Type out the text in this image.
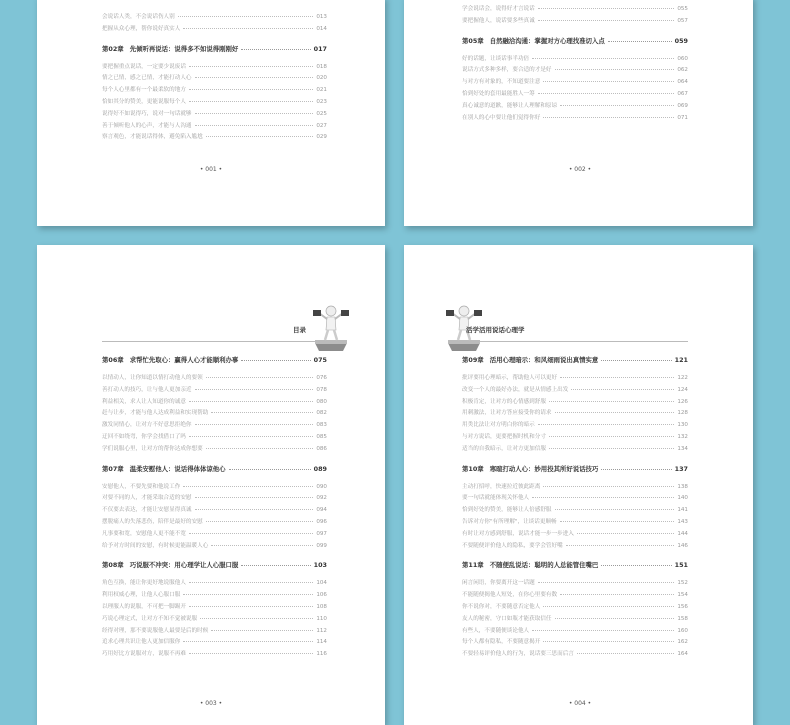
会说话人类，不会说话伤人别	013
把握从众心理，帮你说好真实人	014
第02章 先倾听再说话：说得多不如说得刚刚好	017
要把握重点说话，一定要少说废话	018
情之已情，感之已情，才能打动人心	020
每个人心里都有一个最柔软的地方	021
恰如其分的赞美，更能说服每个人	023
说得好不如说得巧，说对一句话就够	025
善于倾听他人的心声，才能与人沟通	027
察言观色，才能说话得体，避免陷入尴尬	029
• 001 •
学会说话会，说得好才言说话	055
要把握他人，说话要多些真诚	057
第05章 自然融洽沟通：掌握对方心理找准切入点	059
好的话题，让谈话事半功倍	060
说话方式多种多样，要合适的才是好	062
与对方有对象的，不知道要注意	064
恰到好处的套用最能胜人一筹	067
真心诚意的道歉，能够让人理解和原谅	069
在别人的心中要让他们觉得你好	071
• 002 •
目录
第06章 求帮忙先取心：赢得人心才能顺利办事	075
以情动人，让你知道以情打动他人的要领	076
善打动人的技巧，让与他人更加亲近	078
利益相关，求人让人知道你的诚意	080
赶与让步，才能与他人达成利益和实现帮助	082
激发同情心，让对方不好意思拒绝你	083
迂回不如绕弯，你学会找借口了吗	085
学们说服心里，让对方的帮你达成你想要	086
第07章 温柔安慰他人：说话得体体谅他心	089
安慰他人，不要先要和他说工作	090
对要不同的人，才能采取合适的安慰	092
不仅要去表达，才能让安慰显得真诚	094
摆脱痛人的失落悲伤，陪伴是最好的安慰	096
凡事要和宽，安慰他人更不能不宽	097
给予对方时间的安慰，有时候更能温暖人心	099
第08章 巧说服不冲突：用心理学让人心服口服	103
角色互换，能让你更好地说服他人	104
利用权威心理，让他人心服口服	106
以理服人的说服，不可把一脚踢开	108
巧说心理定式，让对方不知不觉被说服	110
经得对理，那不要说服他人最要是后的时候	112
追求心理共识让他人更加信服你	114
巧用好比方说服对方，说服不再难	116
• 003 •
活学活用说话心理学
第09章 活用心理暗示：和风细雨说出真情实意	121
批评要用心理暗示，帮助他人可以更好	122
改变一个人的最好办法，就是从情感上出发	124
积极肯定，让对方的心情感到舒服	126
用刺激法，让对方答应接受你的请求	128
用类比法让对方明白你的暗示	130
与对方说话，更要把握时机和分寸	132
适当的自我暗示，让对方更加信服	134
第10章 寒暄打动人心：妙用投其所好说话技巧	137
主动打招呼，快速拉近彼此距离	138
要一句话就能体现关怀他人	140
恰到好处的赞美，能够让人倍感舒服	141
告诉对方你"有所理解"，让谈话更顺畅	143
有时让对方感到舒服，说话才能一步一步进入	144
不要随便评价他人的隐私，要学会管好嘴	146
第11章 不随便乱说话：聪明的人总能管住嘴巴	151
闲言闲语，你要离开这一话题	152
不能随便揭他人短处，在你心里要有数	154
你不说你对，不要随意否定他人	156
友人的秘密，守口如瓶才能获取信任	158
有些人，不要随便谈论他人	160
每个人都有隐私，不要随意揭开	162
不要轻易评价他人的行为，说话要三思而后言	164
• 004 •
